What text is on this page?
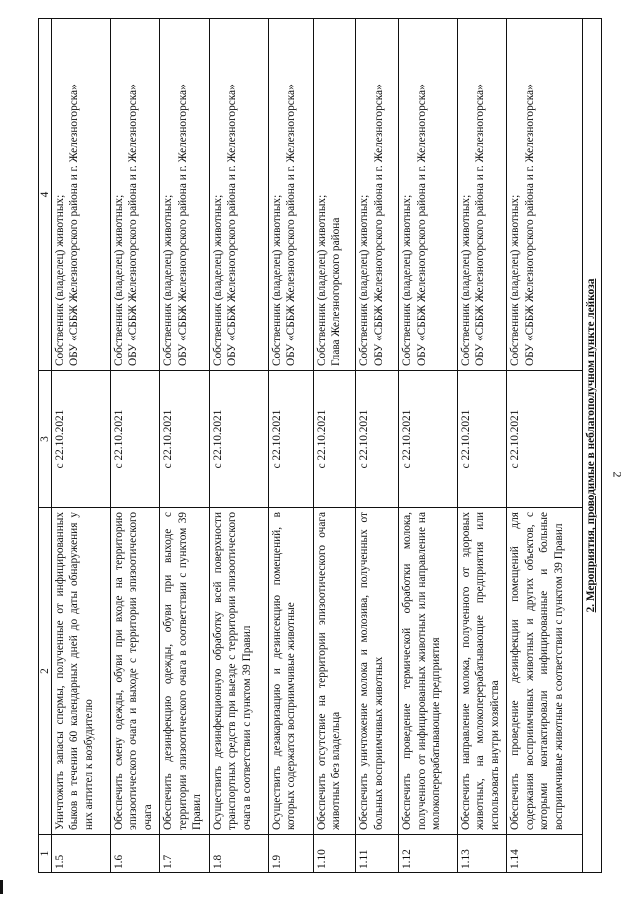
2
1	2	3	4
1.5	Уничтожить запасы спермы, полученные от инфицированных быков в течении 60 календарных дней до даты обнаружения у них антител к возбудителю	с 22.10.2021	Собственник (владелец) животных; ОБУ «СББЖ Железногорского района и г. Железногорска»

1.6	Обеспечить смену одежды, обуви при входе на территорию эпизоотического очага и выходе с территории эпизоотического очага	с 22.10.2021	Собственник (владелец) животных; ОБУ «СББЖ Железногорского района и г. Железногорска»

1.7	Обеспечить дезинфекцию одежды, обуви при выходе с территории эпизоотического очага в соответствии с пунктом 39 Правил	с 22.10.2021	Собственник (владелец) животных; ОБУ «СББЖ Железногорского района и г. Железногорска»

1.8	Осуществить дезинфекционную обработку всей поверхности транспортных средств при выезде с территории эпизоотического очага в соответствии с пунктом 39 Правил	с 22.10.2021	Собственник (владелец) животных; ОБУ «СББЖ Железногорского района и г. Железногорска»

1.9	Осуществить дезакаризацию и дезинсекцию помещений, в которых содержатся восприимчивые животные	с 22.10.2021	Собственник (владелец) животных; ОБУ «СББЖ Железногорского района и г. Железногорска»

1.10	Обеспечить отсутствие на территории эпизоотического очага животных без владельца	с 22.10.2021	Собственник (владелец) животных; Глава Железногорского района

1.11	Обеспечить уничтожение молока и молозива, полученных от больных восприимчивых животных	с 22.10.2021	Собственник (владелец) животных; ОБУ «СББЖ Железногорского района и г. Железногорска»

1.12	Обеспечить проведение термической обработки молока, полученного от инфицированных животных или направление на молокоперерабатывающие предприятия	с 22.10.2021	Собственник (владелец) животных; ОБУ «СББЖ Железногорского района и г. Железногорска»

1.13	Обеспечить направление молока, полученного от здоровых животных, на молокоперерабатывающие предприятия или использовать внутри хозяйства	с 22.10.2021	Собственник (владелец) животных; ОБУ «СББЖ Железногорского района и г. Железногорска»

1.14	Обеспечить проведение дезинфекции помещений для содержания восприимчивых животных и других объектов, с которыми контактировали инфицированные и больные восприимчивые животные в соответствии с пунктом 39 Правил	с 22.10.2021	Собственник (владелец) животных; ОБУ «СББЖ Железногорского района и г. Железногорска»

2. Мероприятия, проводимые в неблагополучном пункте лейкоза			
